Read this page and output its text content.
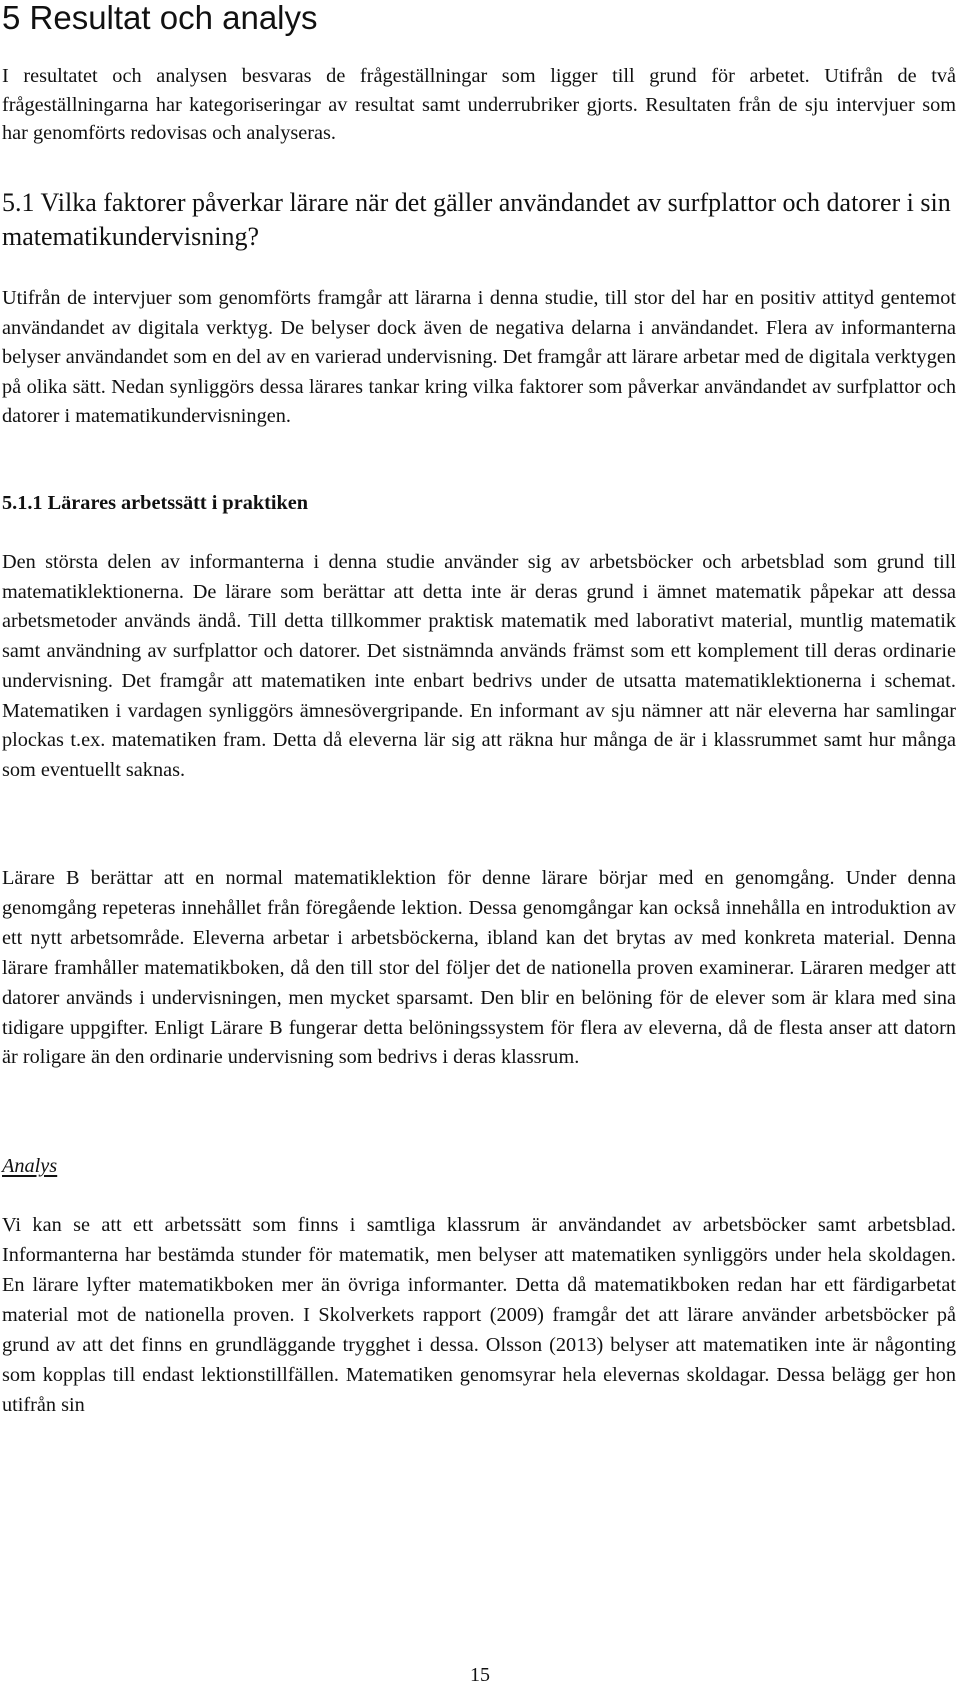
5 Resultat och analys

I resultatet och analysen besvaras de frågeställningar som ligger till grund för arbetet. Utifrån de två frågeställningarna har kategoriseringar av resultat samt underrubriker gjorts. Resultaten från de sju intervjuer som har genomförts redovisas och analyseras.

5.1 Vilka faktorer påverkar lärare när det gäller användandet av surfplattor och datorer i sin matematikundervisning?

Utifrån de intervjuer som genomförts framgår att lärarna i denna studie, till stor del har en positiv attityd gentemot användandet av digitala verktyg. De belyser dock även de negativa delarna i användandet. Flera av informanterna belyser användandet som en del av en varierad undervisning. Det framgår att lärare arbetar med de digitala verktygen på olika sätt. Nedan synliggörs dessa lärares tankar kring vilka faktorer som påverkar användandet av surfplattor och datorer i matematikundervisningen.

5.1.1 Lärares arbetssätt i praktiken

Den största delen av informanterna i denna studie använder sig av arbetsböcker och arbetsblad som grund till matematiklektionerna. De lärare som berättar att detta inte är deras grund i ämnet matematik påpekar att dessa arbetsmetoder används ändå. Till detta tillkommer praktisk matematik med laborativt material, muntlig matematik samt användning av surfplattor och datorer. Det sistnämnda används främst som ett komplement till deras ordinarie undervisning. Det framgår att matematiken inte enbart bedrivs under de utsatta matematiklektionerna i schemat. Matematiken i vardagen synliggörs ämnesövergripande. En informant av sju nämner att när eleverna har samlingar plockas t.ex. matematiken fram. Detta då eleverna lär sig att räkna hur många de är i klassrummet samt hur många som eventuellt saknas.

Lärare B berättar att en normal matematiklektion för denne lärare börjar med en genomgång. Under denna genomgång repeteras innehållet från föregående lektion. Dessa genomgångar kan också innehålla en introduktion av ett nytt arbetsområde. Eleverna arbetar i arbetsböckerna, ibland kan det brytas av med konkreta material. Denna lärare framhåller matematikboken, då den till stor del följer det de nationella proven examinerar. Läraren medger att datorer används i undervisningen, men mycket sparsamt. Den blir en belöning för de elever som är klara med sina tidigare uppgifter. Enligt Lärare B fungerar detta belöningssystem för flera av eleverna, då de flesta anser att datorn är roligare än den ordinarie undervisning som bedrivs i deras klassrum.

Analys

Vi kan se att ett arbetssätt som finns i samtliga klassrum är användandet av arbetsböcker samt arbetsblad. Informanterna har bestämda stunder för matematik, men belyser att matematiken synliggörs under hela skoldagen. En lärare lyfter matematikboken mer än övriga informanter. Detta då matematikboken redan har ett färdigarbetat material mot de nationella proven. I Skolverkets rapport (2009) framgår det att lärare använder arbetsböcker på grund av att det finns en grundläggande trygghet i dessa. Olsson (2013) belyser att matematiken inte är någonting som kopplas till endast lektionstillfällen. Matematiken genomsyrar hela elevernas skoldagar. Dessa belägg ger hon utifrån sin

15
